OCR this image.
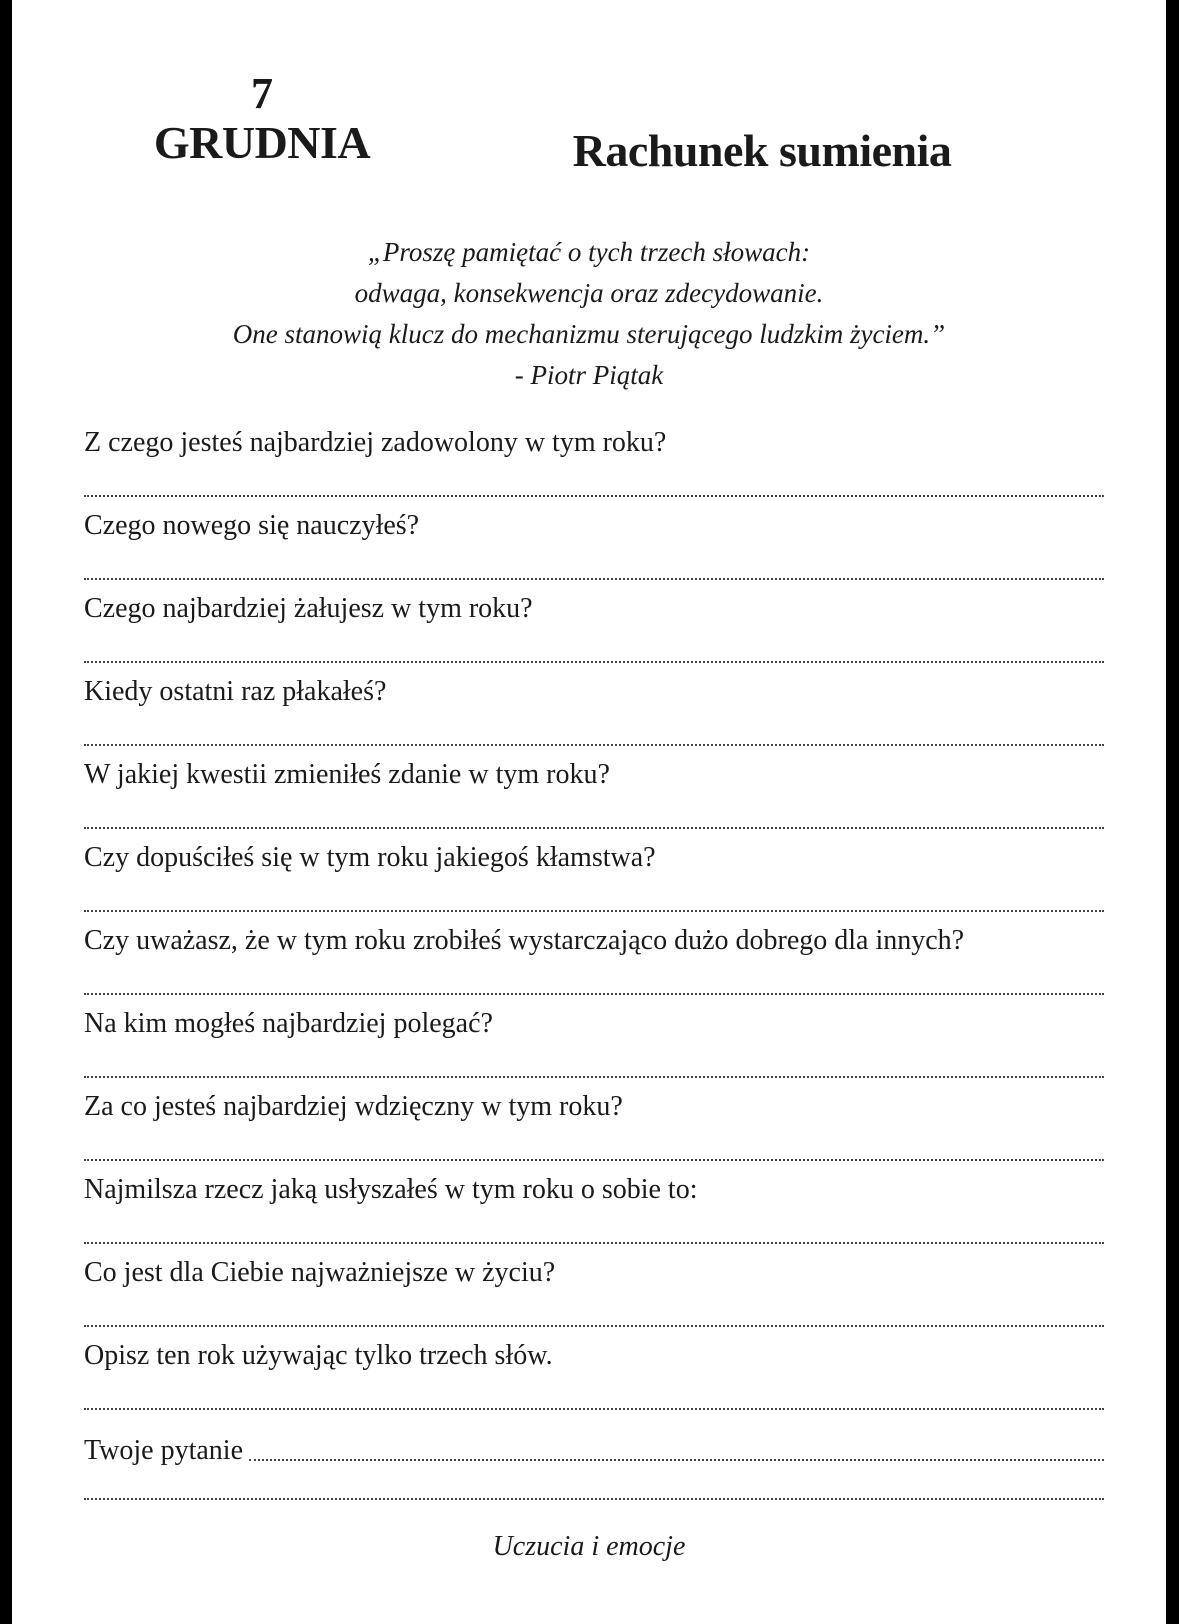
7
GRUDNIA	Rachunek sumienia
„Proszę pamiętać o tych trzech słowach:
odwaga, konsekwencja oraz zdecydowanie.
One stanowią klucz do mechanizmu sterującego ludzkim życiem.”
- Piotr Piątak
Z czego jesteś najbardziej zadowolony w tym roku?
Czego nowego się nauczyłeś?
Czego najbardziej żałujesz w tym roku?
Kiedy ostatni raz płakałeś?
W jakiej kwestii zmieniłeś zdanie w tym roku?
Czy dopuściłeś się w tym roku jakiegoś kłamstwa?
Czy uważasz, że w tym roku zrobiłeś wystarczająco dużo dobrego dla innych?
Na kim mogłeś najbardziej polegać?
Za co jesteś najbardziej wdzięczny w tym roku?
Najmilsza rzecz jaką usłyszałeś w tym roku o sobie to:
Co jest dla Ciebie najważniejsze w życiu?
Opisz ten rok używając tylko trzech słów.
Twoje pytanie
Uczucia i emocje
